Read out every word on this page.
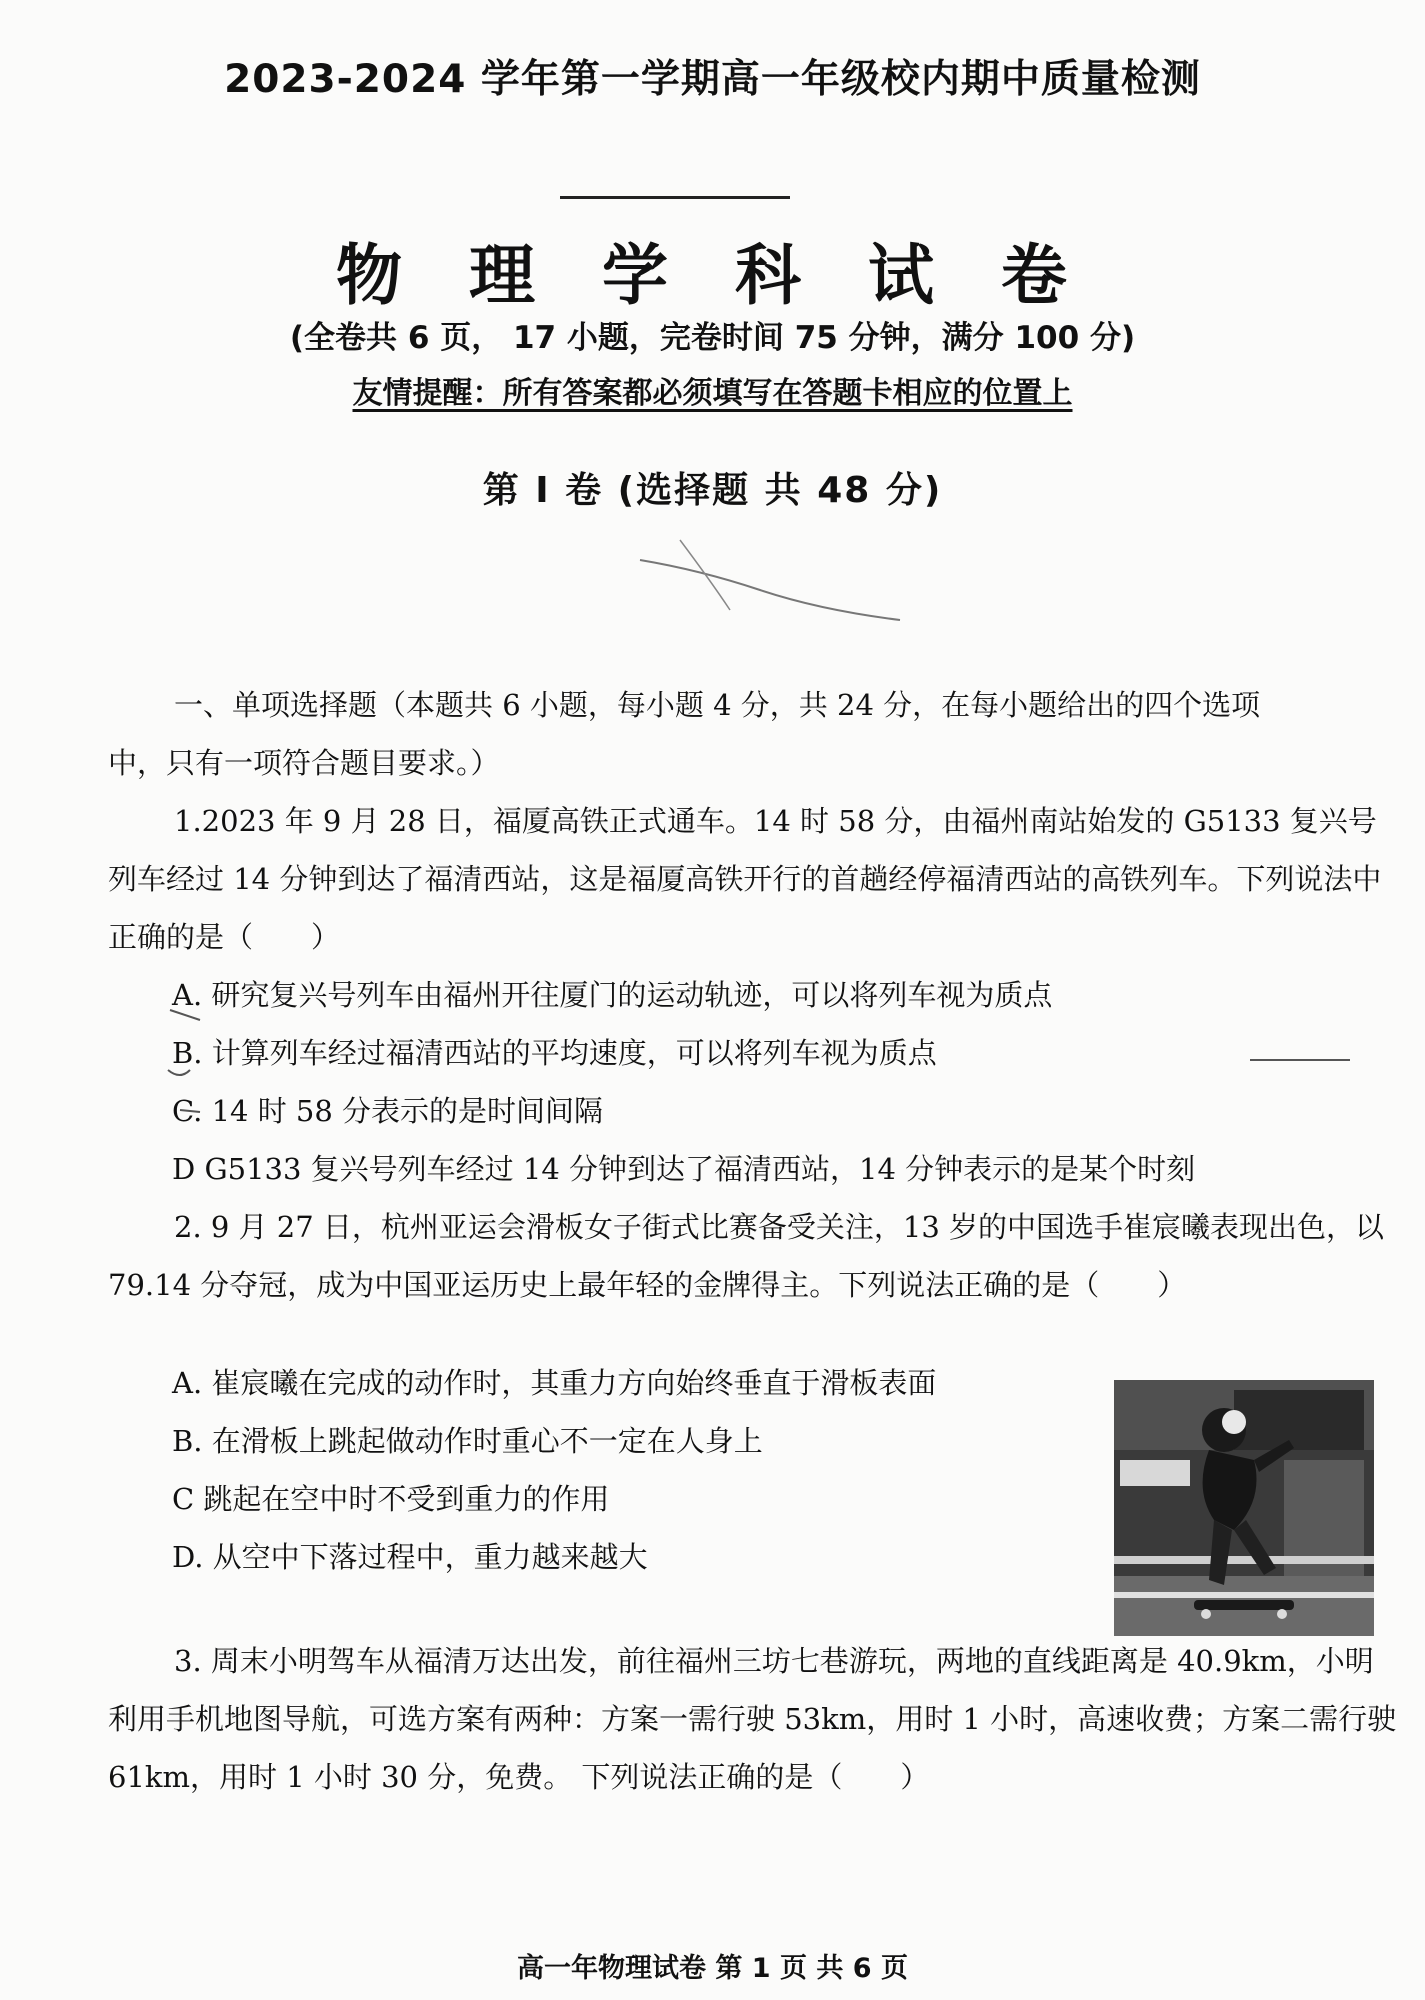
2023-2024 学年第一学期高一年级校内期中质量检测
物 理 学 科 试 卷
(全卷共 6 页， 17 小题，完卷时间 75 分钟，满分 100 分)
友情提醒：所有答案都必须填写在答题卡相应的位置上
第 I 卷 (选择题 共 48 分)

一、单项选择题（本题共 6 小题，每小题 4 分，共 24 分，在每小题给出的四个选项

中，只有一项符合题目要求。）

1.2023 年 9 月 28 日，福厦高铁正式通车。14 时 58 分，由福州南站始发的 G5133 复兴号列车经过 14 分钟到达了福清西站，这是福厦高铁开行的首趟经停福清西站的高铁列车。下列说法中正确的是（　　）

A. 研究复兴号列车由福州开往厦门的运动轨迹，可以将列车视为质点

B. 计算列车经过福清西站的平均速度，可以将列车视为质点

C. 14 时 58 分表示的是时间间隔

D G5133 复兴号列车经过 14 分钟到达了福清西站，14 分钟表示的是某个时刻

2. 9 月 27 日，杭州亚运会滑板女子街式比赛备受关注，13 岁的中国选手崔宸曦表现出色，以 79.14 分夺冠，成为中国亚运历史上最年轻的金牌得主。下列说法正确的是（　　）

A. 崔宸曦在完成的动作时，其重力方向始终垂直于滑板表面

B. 在滑板上跳起做动作时重心不一定在人身上

C 跳起在空中时不受到重力的作用

D. 从空中下落过程中，重力越来越大

3. 周末小明驾车从福清万达出发，前往福州三坊七巷游玩，两地的直线距离是 40.9km，小明利用手机地图导航，可选方案有两种：方案一需行驶 53km，用时 1 小时，高速收费；方案二需行驶 61km，用时 1 小时 30 分，免费。 下列说法正确的是（　　）

高一年物理试卷 第 1 页 共 6 页
